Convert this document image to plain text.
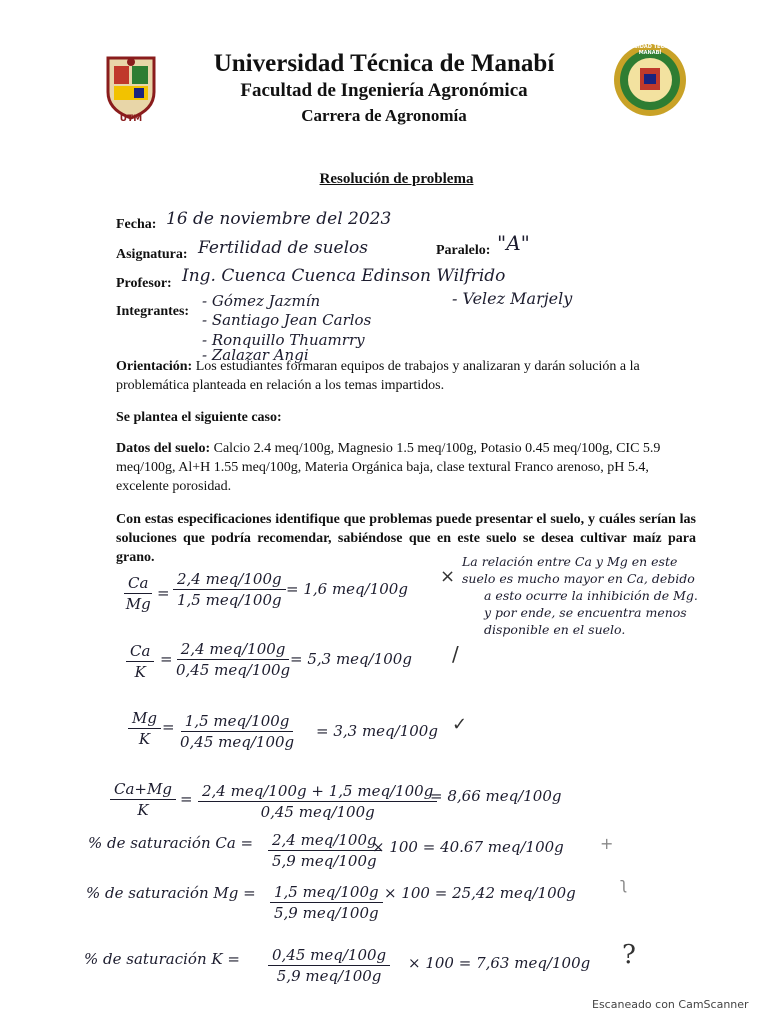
UTM
UNIVERSIDAD TÉCNICA DE MANABÍ
Universidad Técnica de Manabí
Facultad de Ingeniería Agronómica
Carrera de Agronomía
Resolución de problema
Fecha: 16 de noviembre del 2023
Asignatura: Fertilidad de suelos	Paralelo: "A"
Profesor: Ing. Cuenca Cuenca Edinson Wilfrido
Integrantes:
- Gómez Jazmín
- Santiago Jean Carlos
- Ronquillo Thuamrry
- Zalazar Angi
- Velez Marjely
Orientación: Los estudiantes formaran equipos de trabajos y analizaran y darán solución a la problemática planteada en relación a los temas impartidos.
Se plantea el siguiente caso:
Datos del suelo: Calcio 2.4 meq/100g, Magnesio 1.5 meq/100g, Potasio 0.45 meq/100g, CIC 5.9 meq/100g, Al+H 1.55 meq/100g, Materia Orgánica baja, clase textural Franco arenoso, pH 5.4, excelente porosidad.
Con estas especificaciones identifique que problemas puede presentar el suelo, y cuáles serían las soluciones que podría recomendar, sabiéndose que en este suelo se desea cultivar maíz para grano.
$\frac{Ca}{Mg}$ =
2,4 meq/100g
1,5 meq/100g
= 1,6 meq/100g
×
La relación entre Ca y Mg en este
suelo es mucho mayor en Ca, debido
a esto ocurre la inhibición de Mg.
y por ende, se encuentra menos
disponible en el suelo.
$\frac{Ca}{K}$ =
2,4 meq/100g
0,45 meq/100g
= 5,3 meq/100g /
$\frac{Mg}{K} = 1,5$ meq/100g
0,45 meq/100g
= 3,3 meq/100g ✓
$\frac{Ca+Mg}{K} = 2,4$ meq/100g + 1,5 meq/100g
0,45 meq/100g
= 8,66 meq/100g
% de saturación Ca = 2,4 meq/100g
5,9 meq/100g
× 100 = 40.67 meq/100g +
% de saturación Mg = 1,5 meq/100g
5,9 meq/100g
× 100 = 25,42 meq/100g	ʅ
% de saturación K = 0,45 meq/100g
5,9 meq/100g
× 100 = 7,63 meq/100g ?
Escaneado con CamScanner
